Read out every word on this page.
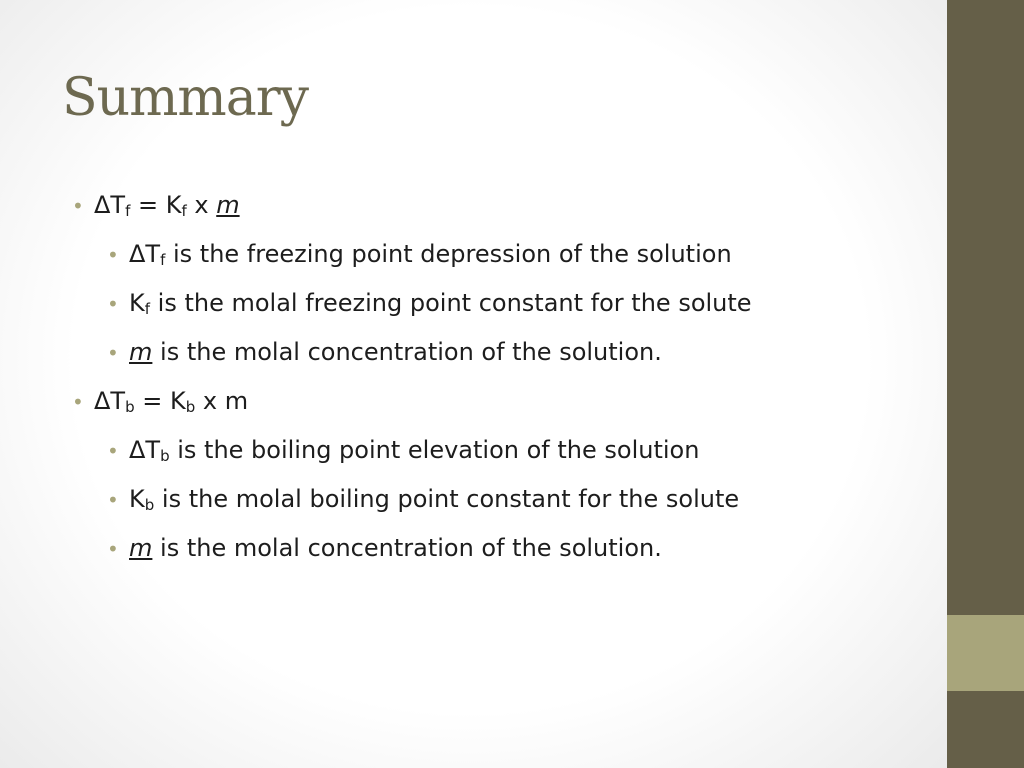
Summary
• $\Delta T_f = K_f$ x m
• $\Delta T_f$ is the freezing point depression of the solution
• $K_f$ is the molal freezing point constant for the solute
• m is the molal concentration of the solution.
• $\Delta T_b = K_b$ x m
• $\Delta T_b$ is the boiling point elevation of the solution
• $K_b$ is the molal boiling point constant for the solute
• m is the molal concentration of the solution.
